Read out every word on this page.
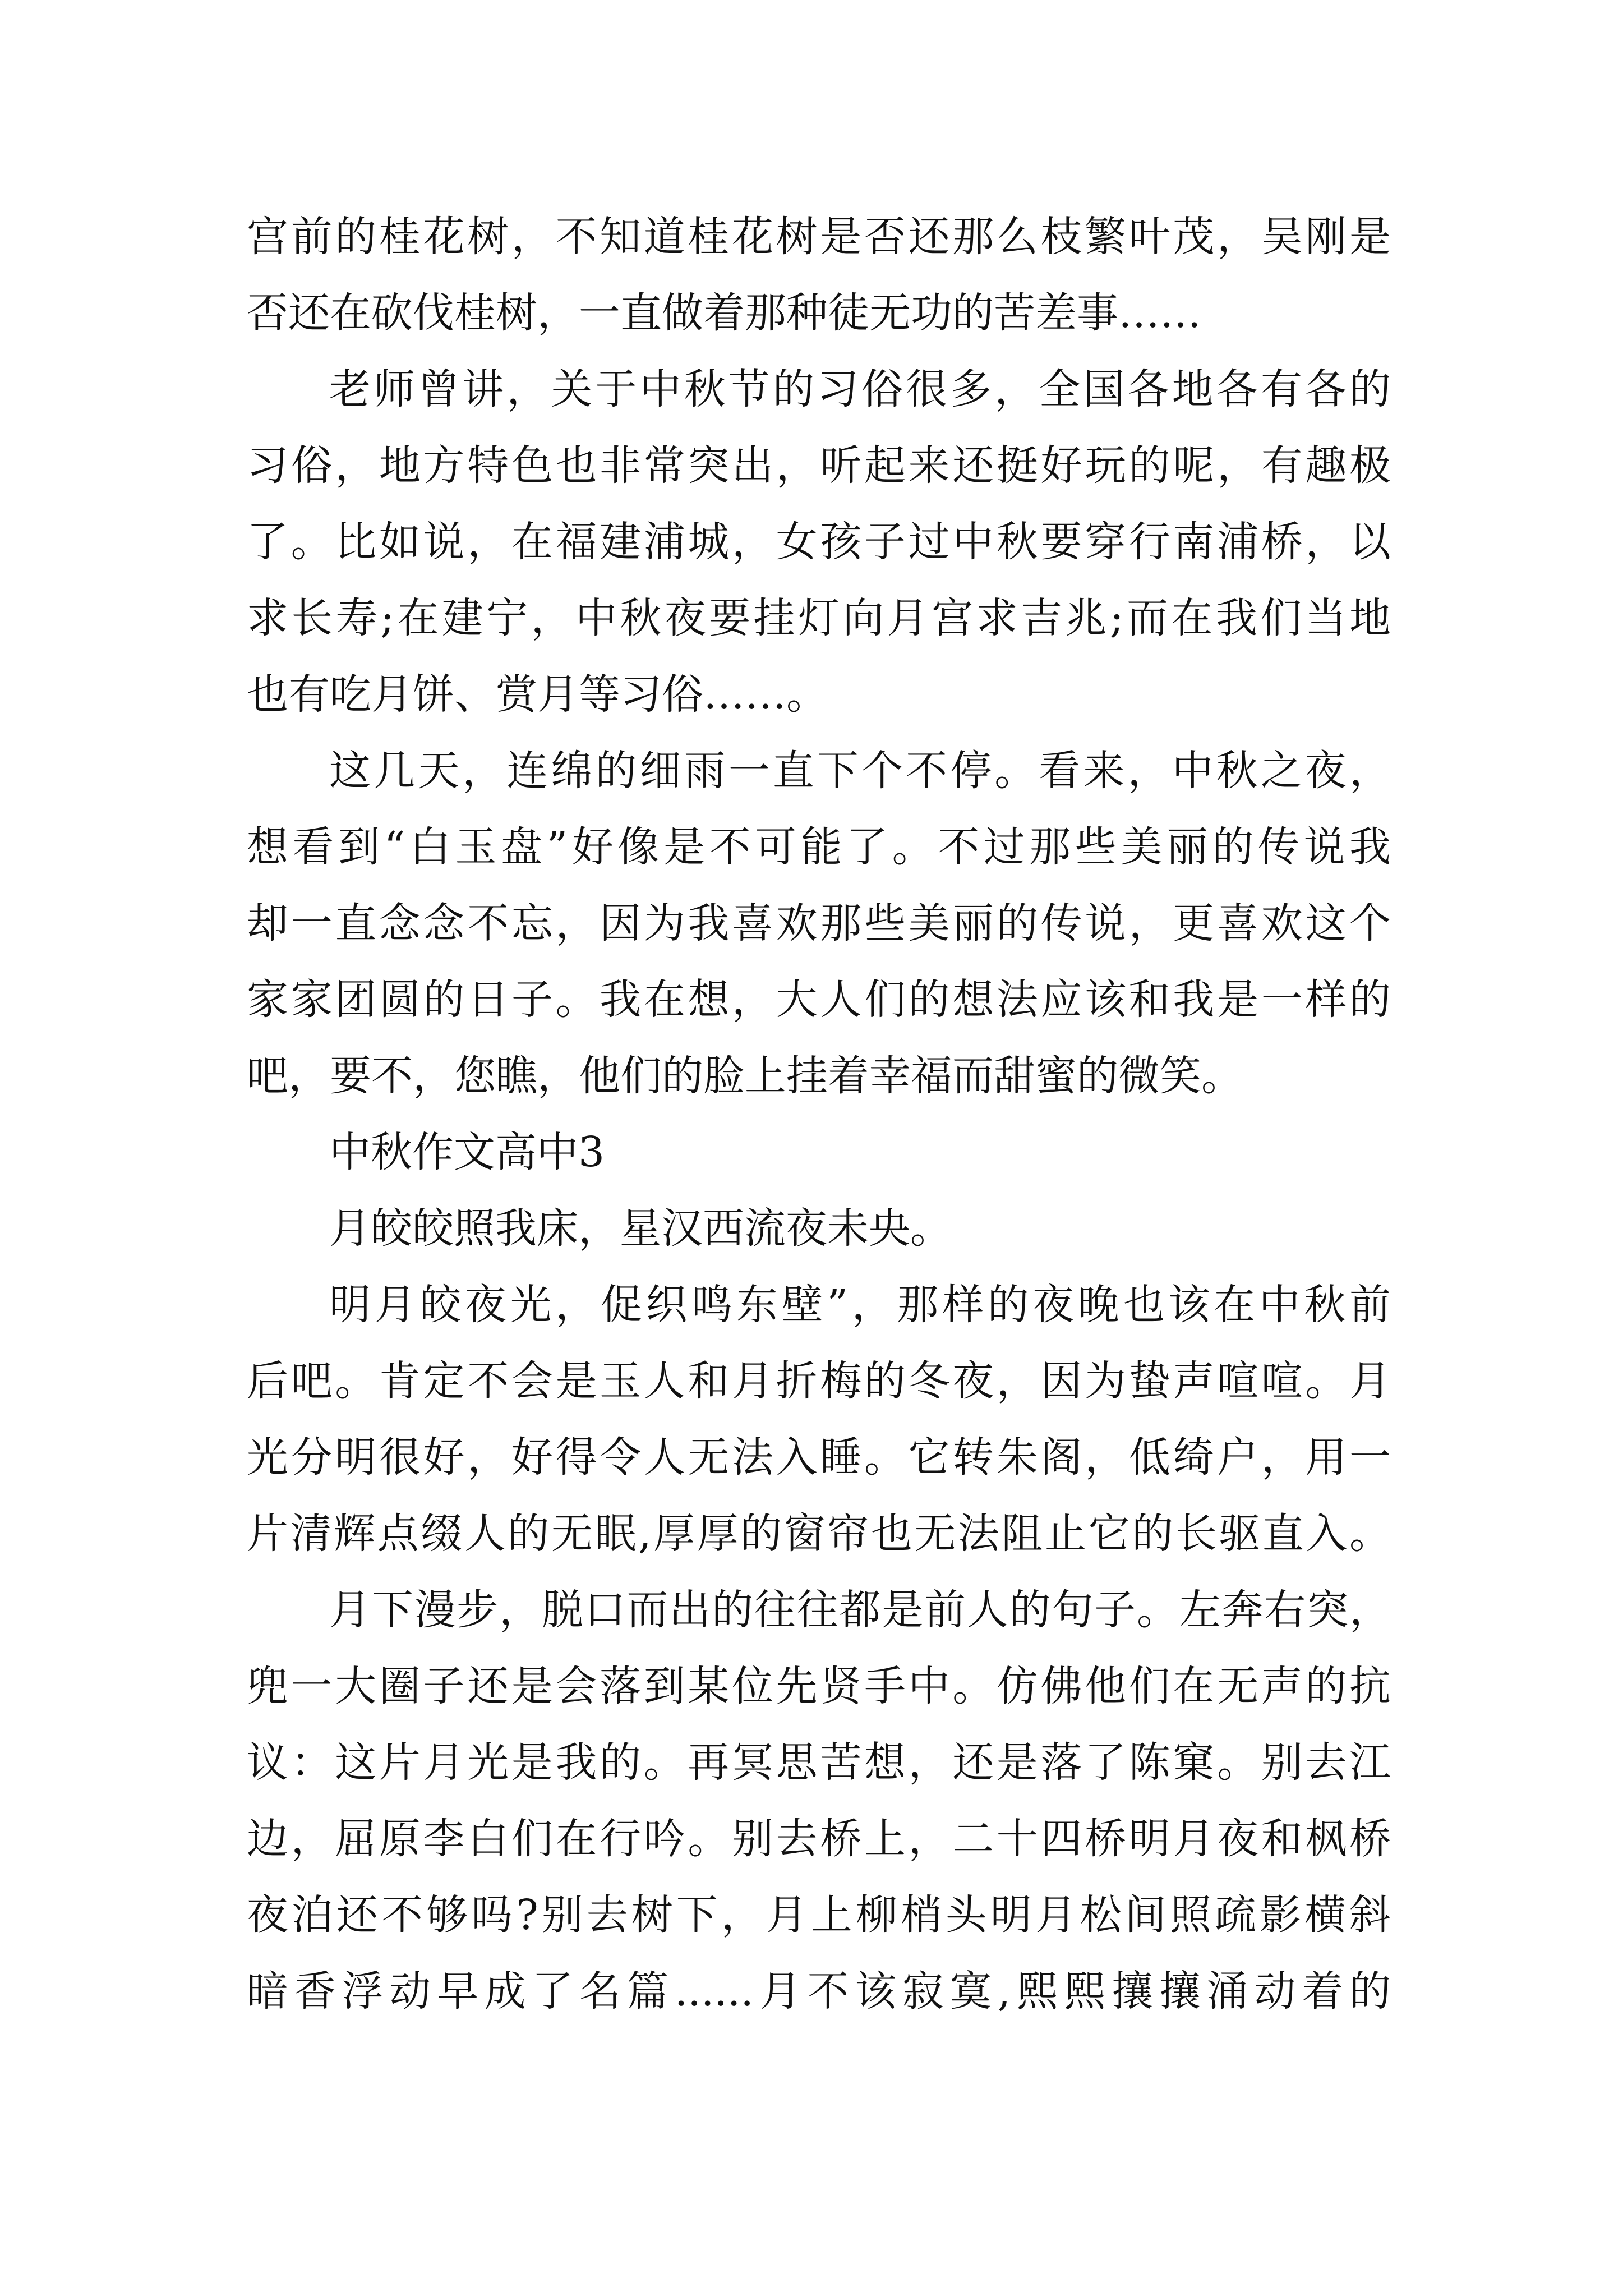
宫前的桂花树，不知道桂花树是否还那么枝繁叶茂，吴刚是
否还在砍伐桂树，一直做着那种徒无功的苦差事……
老师曾讲，关于中秋节的习俗很多，全国各地各有各的
习俗，地方特色也非常突出，听起来还挺好玩的呢，有趣极
了。比如说，在福建浦城，女孩子过中秋要穿行南浦桥，以
求长寿;在建宁，中秋夜要挂灯向月宫求吉兆;而在我们当地
也有吃月饼、赏月等习俗……。
这几天，连绵的细雨一直下个不停。看来，中秋之夜，
想看到“白玉盘”好像是不可能了。不过那些美丽的传说我
却一直念念不忘，因为我喜欢那些美丽的传说，更喜欢这个
家家团圆的日子。我在想，大人们的想法应该和我是一样的
吧，要不，您瞧，他们的脸上挂着幸福而甜蜜的微笑。
中秋作文高中3
月皎皎照我床，星汉西流夜未央。
明月皎夜光，促织鸣东壁”，那样的夜晚也该在中秋前
后吧。肯定不会是玉人和月折梅的冬夜，因为蛰声喧喧。月
光分明很好，好得令人无法入睡。它转朱阁，低绮户，用一
片清辉点缀人的无眠,厚厚的窗帘也无法阻止它的长驱直入。
月下漫步，脱口而出的往往都是前人的句子。左奔右突，
兜一大圈子还是会落到某位先贤手中。仿佛他们在无声的抗
议：这片月光是我的。再冥思苦想，还是落了陈窠。别去江
边，屈原李白们在行吟。别去桥上，二十四桥明月夜和枫桥
夜泊还不够吗?别去树下，月上柳梢头明月松间照疏影横斜
暗香浮动早成了名篇......月不该寂寞,熙熙攘攘涌动着的
